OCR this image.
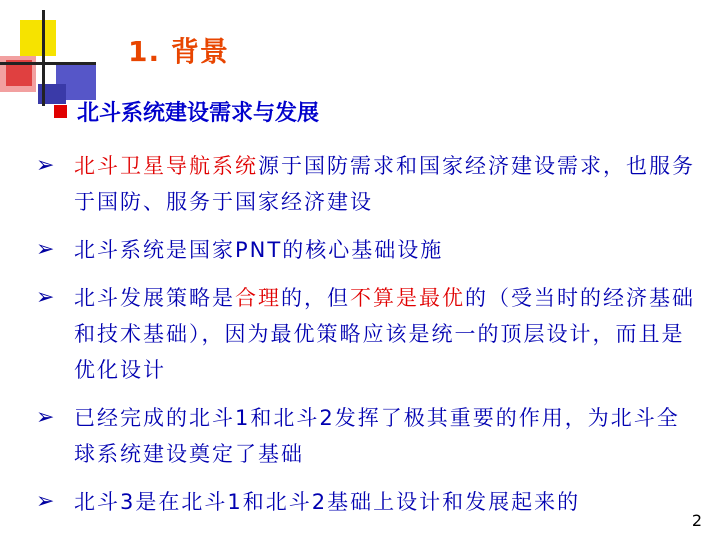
1. 背景
北斗系统建设需求与发展
➢ 北斗卫星导航系统源于国防需求和国家经济建设需求，也服务于国防、服务于国家经济建设
➢ 北斗系统是国家PNT的核心基础设施
➢ 北斗发展策略是合理的，但不算是最优的（受当时的经济基础和技术基础），因为最优策略应该是统一的顶层设计，而且是优化设计
➢ 已经完成的北斗1和北斗2发挥了极其重要的作用，为北斗全球系统建设奠定了基础
➢ 北斗3是在北斗1和北斗2基础上设计和发展起来的
2
